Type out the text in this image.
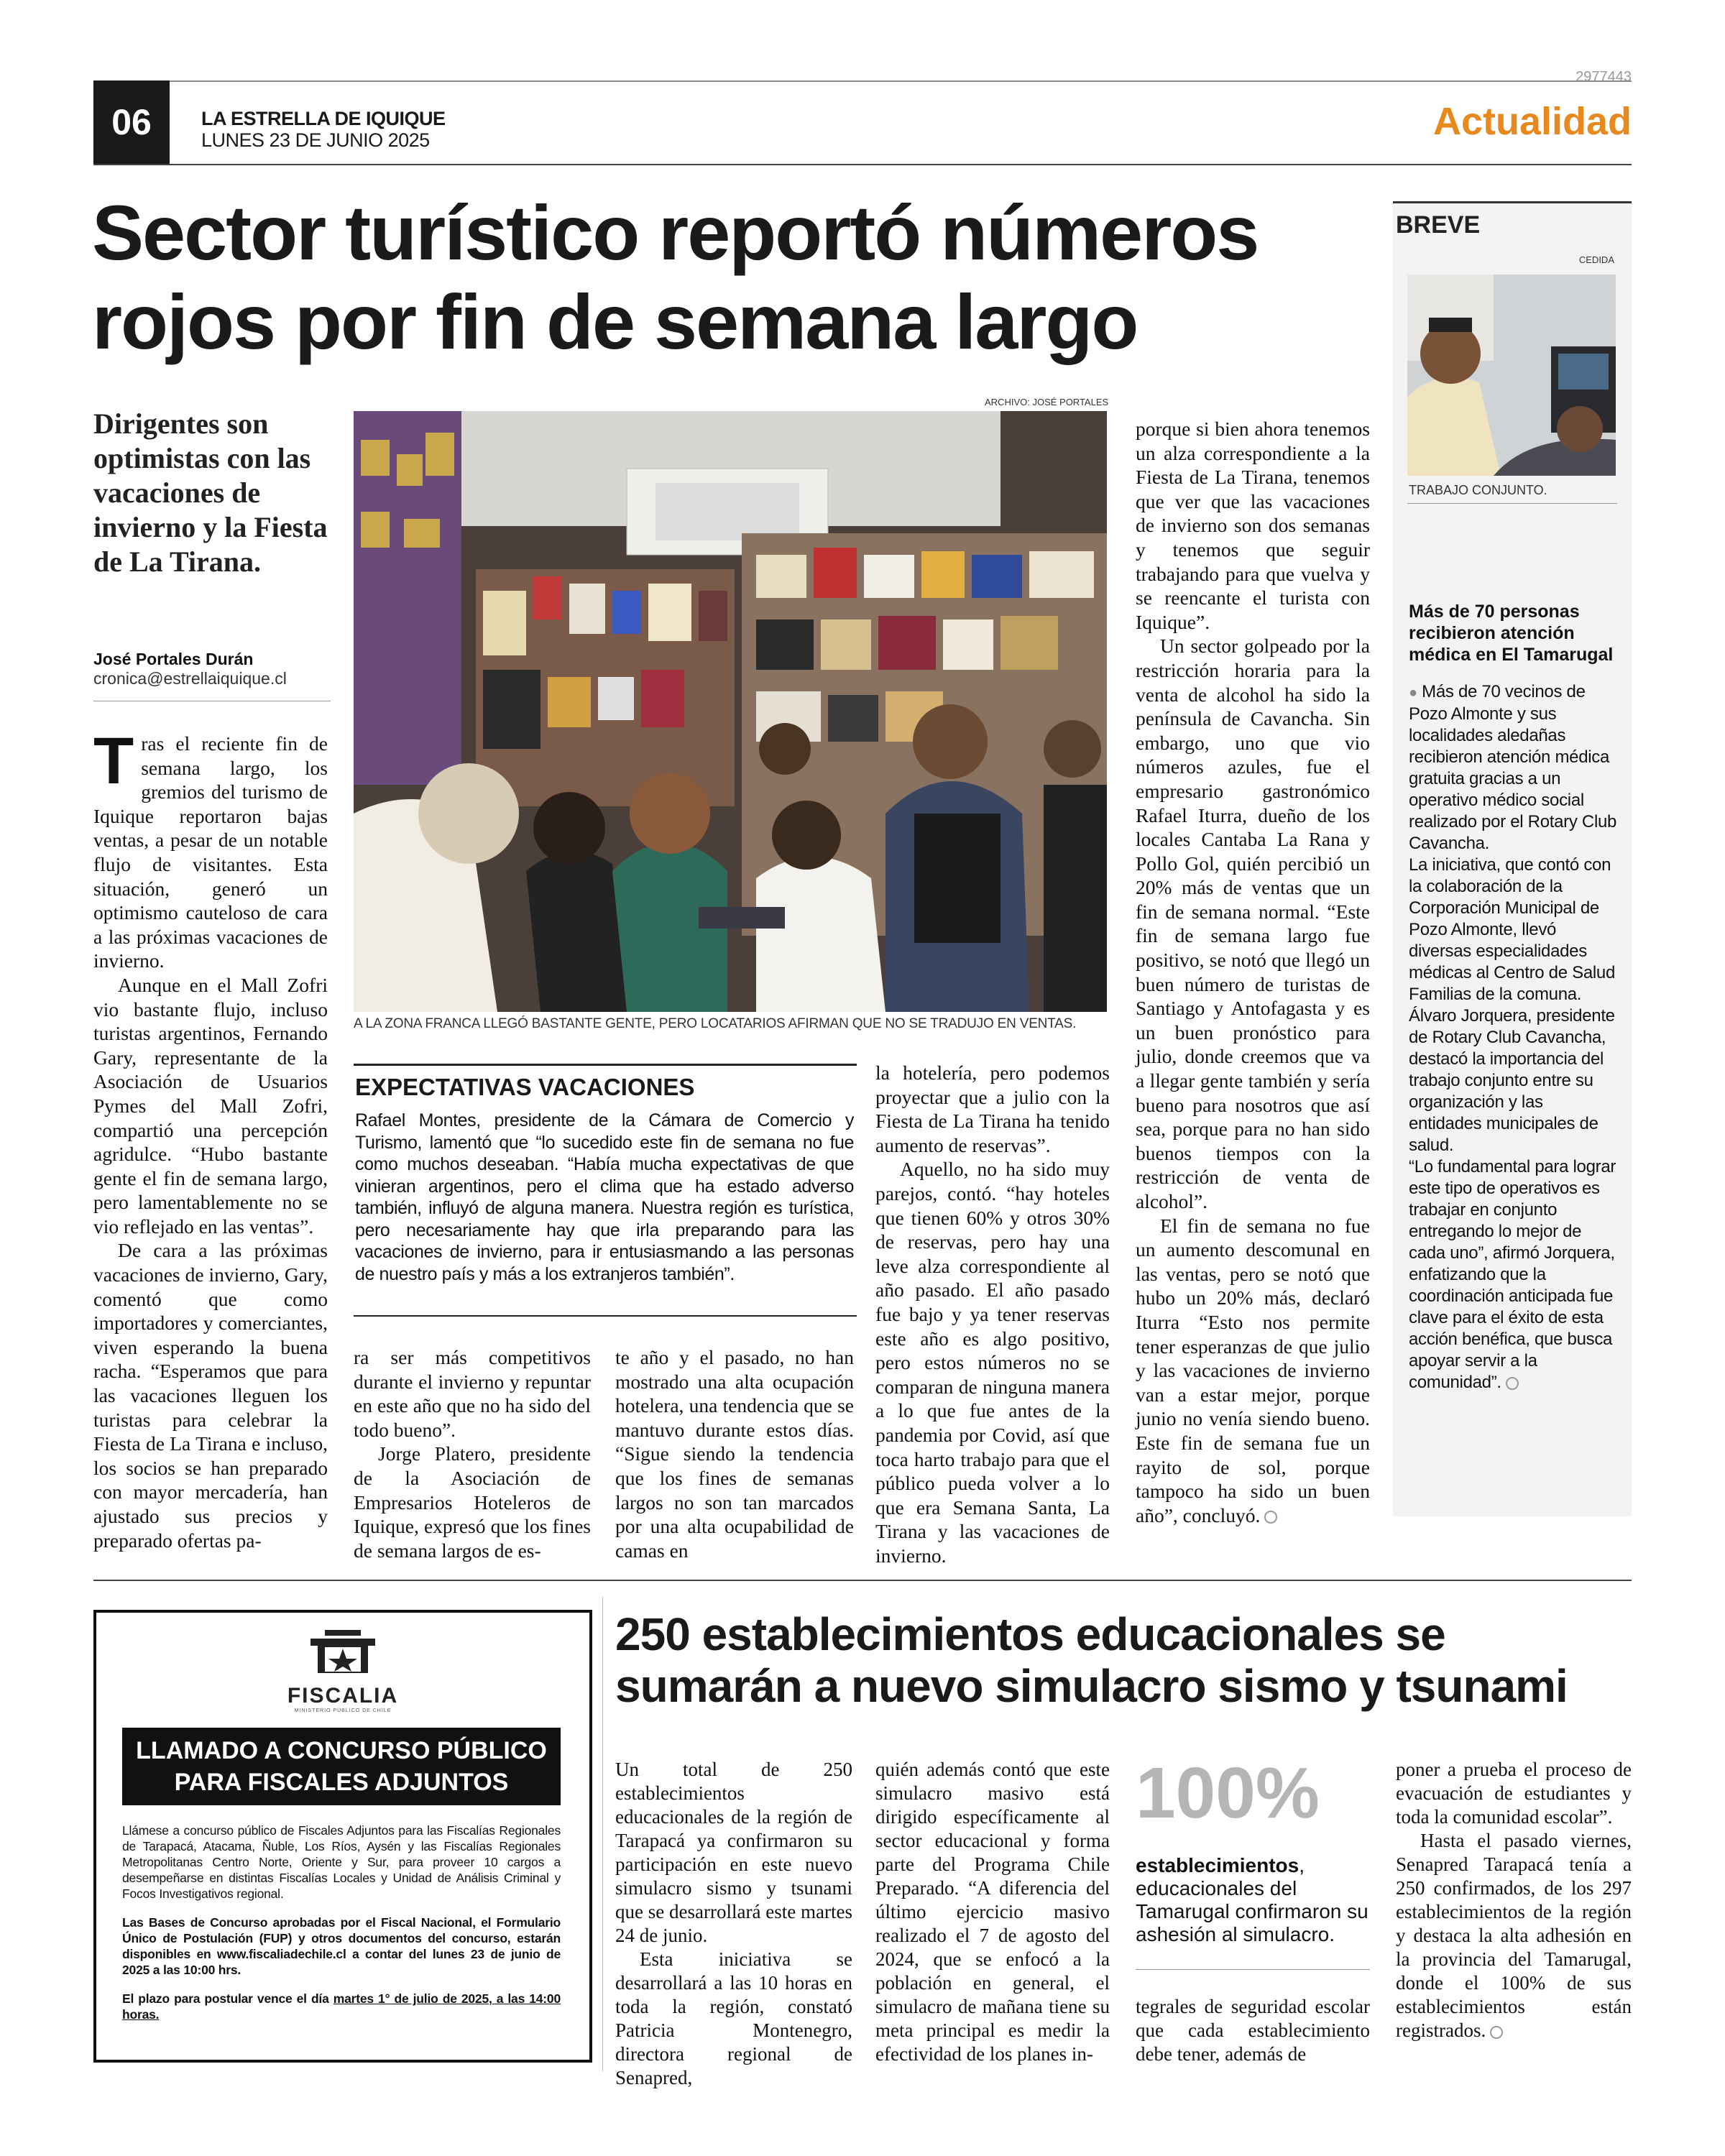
2977443
06	LA ESTRELLA DE IQUIQUE
LUNES 23 DE JUNIO 2025	Actualidad
Sector turístico reportó números
rojos por fin de semana largo
Dirigentes son optimistas con las vacaciones de invierno y la Fiesta de La Tirana.
José Portales Durán
cronica@estrellaiquique.cl
ARCHIVO: JOSÉ PORTALES
A LA ZONA FRANCA LLEGÓ BASTANTE GENTE, PERO LOCATARIOS AFIRMAN QUE NO SE TRADUJO EN VENTAS.

Tras el reciente fin de semana largo, los gremios del turismo de Iquique reportaron bajas ventas, a pesar de un notable flujo de visitantes. Esta situación, generó un optimismo cauteloso de cara a las próximas vacaciones de invierno.

Aunque en el Mall Zofri vio bastante flujo, incluso turistas argentinos, Fernando Gary, representante de la Asociación de Usuarios Pymes del Mall Zofri, compartió una percepción agridulce. “Hubo bastante gente el fin de semana largo, pero lamentablemente no se vio reflejado en las ventas”.

De cara a las próximas vacaciones de invierno, Gary, comentó que como importadores y comerciantes, viven esperando la buena racha. “Esperamos que para las vacaciones lleguen los turistas para celebrar la Fiesta de La Tirana e incluso, los socios se han preparado con mayor mercadería, han ajustado sus precios y preparado ofertas pa-

EXPECTATIVAS VACACIONES
Rafael Montes, presidente de la Cámara de Comercio y Turismo, lamentó que “lo sucedido este fin de semana no fue como muchos deseaban. “Había mucha expectativas de que vinieran argentinos, pero el clima que ha estado adverso también, influyó de alguna manera. Nuestra región es turística, pero necesariamente hay que irla preparando para las vacaciones de invierno, para ir entusiasmando a las personas de nuestro país y más a los extranjeros también”.

ra ser más competitivos durante el invierno y repuntar en este año que no ha sido del todo bueno”.

Jorge Platero, presidente de la Asociación de Empresarios Hoteleros de Iquique, expresó que los fines de semana largos de es-

te año y el pasado, no han mostrado una alta ocupación hotelera, una tendencia que se mantuvo durante estos días. “Sigue siendo la tendencia que los fines de semanas largos no son tan marcados por una alta ocupabilidad de camas en

la hotelería, pero podemos proyectar que a julio con la Fiesta de La Tirana ha tenido aumento de reservas”.

Aquello, no ha sido muy parejos, contó. “hay hoteles que tienen 60% y otros 30% de reservas, pero hay una leve alza correspondiente al año pasado. El año pasado fue bajo y ya tener reservas este año es algo positivo, pero estos números no se comparan de ninguna manera a lo que fue antes de la pandemia por Covid, así que toca harto trabajo para que el público pueda volver a lo que era Semana Santa, La Tirana y las vacaciones de invierno.

porque si bien ahora tenemos un alza correspondiente a la Fiesta de La Tirana, tenemos que ver que las vacaciones de invierno son dos semanas y tenemos que seguir trabajando para que vuelva y se reencante el turista con Iquique”.

Un sector golpeado por la restricción horaria para la venta de alcohol ha sido la península de Cavancha. Sin embargo, uno que vio números azules, fue el empresario gastronómico Rafael Iturra, dueño de los locales Cantaba La Rana y Pollo Gol, quién percibió un 20% más de ventas que un fin de semana normal. “Este fin de semana largo fue positivo, se notó que llegó un buen número de turistas de Santiago y Antofagasta y es un buen pronóstico para julio, donde creemos que va a llegar gente también y sería bueno para nosotros que así sea, porque para no han sido buenos tiempos con la restricción de venta de alcohol”.

El fin de semana no fue un aumento descomunal en las ventas, pero se notó que hubo un 20% más, declaró Iturra “Esto nos permite tener esperanzas de que julio y las vacaciones de invierno van a estar mejor, porque junio no venía siendo bueno. Este fin de semana fue un rayito de sol, porque tampoco ha sido un buen año”, concluyó.

BREVE
CEDIDA
TRABAJO CONJUNTO.
Más de 70 personas recibieron atención médica en El Tamarugal
● Más de 70 vecinos de Pozo Almonte y sus localidades aledañas recibieron atención médica gratuita gracias a un operativo médico social realizado por el Rotary Club Cavancha.
La iniciativa, que contó con la colaboración de la Corporación Municipal de Pozo Almonte, llevó diversas especialidades médicas al Centro de Salud Familias de la comuna.
Álvaro Jorquera, presidente de Rotary Club Cavancha, destacó la importancia del trabajo conjunto entre su organización y las entidades municipales de salud.
“Lo fundamental para lograr este tipo de operativos es trabajar en conjunto entregando lo mejor de cada uno”, afirmó Jorquera, enfatizando que la coordinación anticipada fue clave para el éxito de esta acción benéfica, que busca apoyar servir a la comunidad”.
FISCALIA
MINISTERIO PÚBLICO DE CHILE
LLAMADO A CONCURSO PÚBLICO
PARA FISCALES ADJUNTOS

Llámese a concurso público de Fiscales Adjuntos para las Fiscalías Regionales de Tarapacá, Atacama, Ñuble, Los Ríos, Aysén y las Fiscalías Regionales Metropolitanas Centro Norte, Oriente y Sur, para proveer 10 cargos a desempeñarse en distintas Fiscalías Locales y Unidad de Análisis Criminal y Focos Investigativos regional.

Las Bases de Concurso aprobadas por el Fiscal Nacional, el Formulario Único de Postulación (FUP) y otros documentos del concurso, estarán disponibles en www.fiscaliadechile.cl a contar del lunes 23 de junio de 2025 a las 10:00 hrs.

El plazo para postular vence el día martes 1° de julio de 2025, a las 14:00 horas.

250 establecimientos educacionales se
sumarán a nuevo simulacro sismo y tsunami

Un total de 250 establecimientos educacionales de la región de Tarapacá ya confirmaron su participación en este nuevo simulacro sismo y tsunami que se desarrollará este martes 24 de junio.

Esta iniciativa se desarrollará a las 10 horas en toda la región, constató Patricia Montenegro, directora regional de Senapred,

quién además contó que este simulacro masivo está dirigido específicamente al sector educacional y forma parte del Programa Chile Preparado. “A diferencia del último ejercicio masivo realizado el 7 de agosto del 2024, que se enfocó a la población en general, el simulacro de mañana tiene su meta principal es medir la efectividad de los planes in-

100%
establecimientos, educacionales del Tamarugal confirmaron su ashesión al simulacro.

tegrales de seguridad escolar que cada establecimiento debe tener, además de

poner a prueba el proceso de evacuación de estudiantes y toda la comunidad escolar”.

Hasta el pasado viernes, Senapred Tarapacá tenía a 250 confirmados, de los 297 establecimientos de la región y destaca la alta adhesión en la provincia del Tamarugal, donde el 100% de sus establecimientos están registrados.
